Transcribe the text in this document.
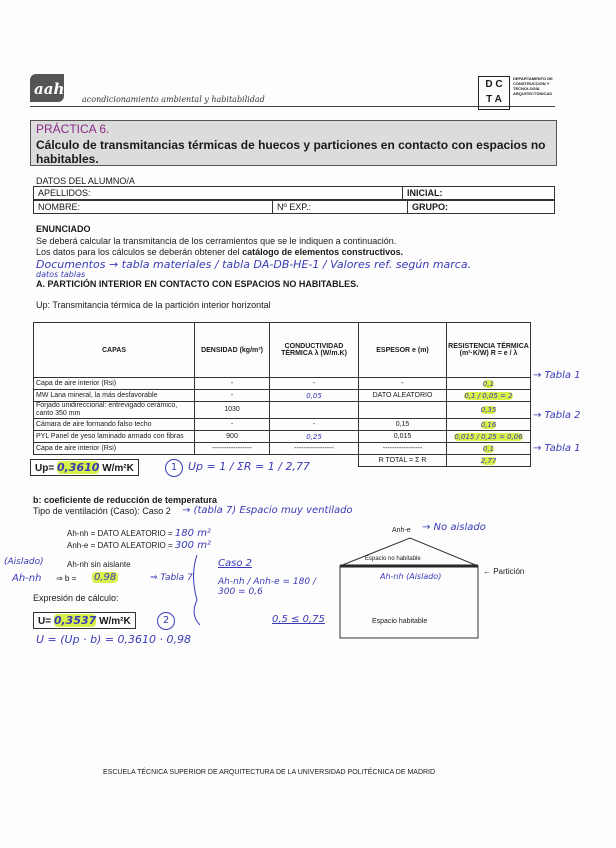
aah
acondicionamiento ambiental y habitabilidad
D C
T A
DEPARTAMENTO DE CONSTRUCCIÓN Y TECNOLOGÍA ARQUITECTÓNICAS
PRÁCTICA 6.
Cálculo de transmitancias térmicas de huecos y particiones en contacto con espacios no habitables.
DATOS DEL ALUMNO/A
APELLIDOS:	INICIAL:
NOMBRE:	Nº EXP.:	GRUPO:
ENUNCIADO
Se deberá calcular la transmitancia de los cerramientos que se le indiquen a continuación.
Los datos para los cálculos se deberán obtener del catálogo de elementos constructivos.
Documentos → tabla materiales / tabla DA-DB-HE-1 / Valores ref. según marca.
datos tablas
A. PARTICIÓN INTERIOR EN CONTACTO CON ESPACIOS NO HABITABLES.
Up: Transmitancia térmica de la partición interior horizontal
CAPAS	DENSIDAD (kg/m³)	CONDUCTIVIDAD TÉRMICA λ (W/m.K)	ESPESOR e (m)	RESISTENCIA TÉRMICA (m²·K/W) R = e / λ
Capa de aire interior (Rsi)	-	-	-	0,1
MW Lana mineral, la más desfavorable	-	0,05	DATO ALEATORIO	0,1 / 0,05 = 2
Forjado unidireccional: entrevigado cerámico, canto 350 mm	1030			0,35
Cámara de aire formando falso techo	-	-	0,15	0,16
PYL Panel de yeso laminado armado con fibras	900	0,25	0,015	0,015 / 0,25 = 0,06
Capa de aire interior (Rsi)	-----------------	-----------------	-----------------	0,1
			R TOTAL = Σ R	2,77
→ Tabla 1
→ Tabla 2
→ Tabla 1
Up= 0,3610 W/m²K	1 Up = 1 / ΣR = 1 / 2,77
b: coeficiente de reducción de temperatura
Tipo de ventilación (Caso): Caso 2 → (tabla 7) Espacio muy ventilado
Ah-nh = DATO ALEATORIO = 180 m²
Anh-e = DATO ALEATORIO = 300 m²
(Aislado)	Ah-nh sin aislante
Ah-nh ⇒ b = 0,98	⇒ Tabla 7
Expresión de cálculo:
U= 0,3537 W/m²K	2
U = (Up · b) = 0,3610 · 0,98
Caso 2
Ah-nh / Anh-e = 180 / 300 = 0,6
0,5 ≤ 0,75
Anh-e → No aislado
Espacio no habitable
Ah-nh (Aislado)
← Partición
Espacio habitable
ESCUELA TÉCNICA SUPERIOR DE ARQUITECTURA DE LA UNIVERSIDAD POLITÉCNICA DE MADRID
